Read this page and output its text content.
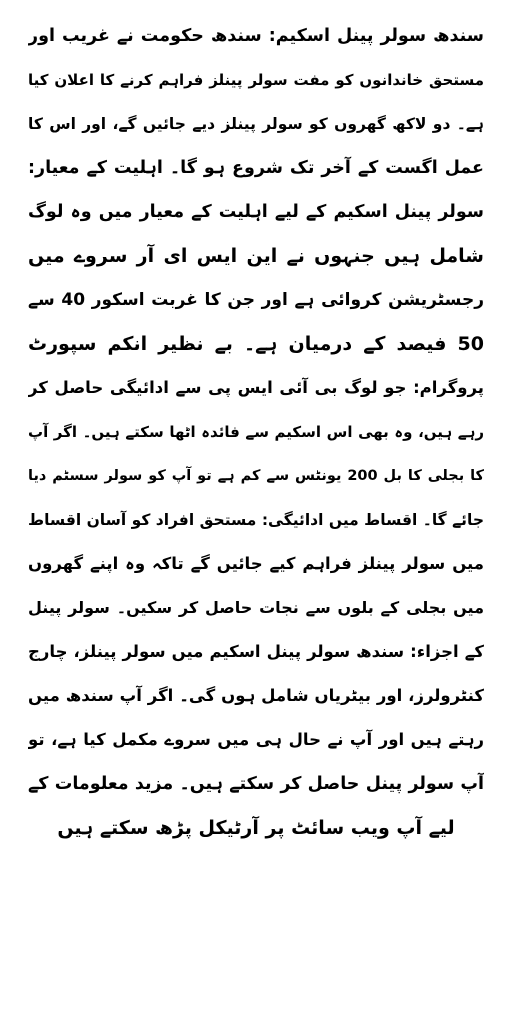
سندھ سولر پینل اسکیم: سندھ حکومت نے غریب اور
مستحق خاندانوں کو مفت سولر پینلز فراہم کرنے کا اعلان کیا
ہے۔ دو لاکھ گھروں کو سولر پینلز دیے جائیں گے، اور اس کا
عمل اگست کے آخر تک شروع ہو گا۔ اہلیت کے معیار:
سولر پینل اسکیم کے لیے اہلیت کے معیار میں وہ لوگ
شامل ہیں جنہوں نے این ایس ای آر سروے میں
رجسٹریشن کروائی ہے اور جن کا غربت اسکور 40 سے
50 فیصد کے درمیان ہے۔ بے نظیر انکم سپورٹ
پروگرام: جو لوگ بی آئی ایس پی سے ادائیگی حاصل کر
رہے ہیں، وہ بھی اس اسکیم سے فائدہ اٹھا سکتے ہیں۔ اگر آپ
کا بجلی کا بل 200 یونٹس سے کم ہے تو آپ کو سولر سسٹم دیا
جائے گا۔ اقساط میں ادائیگی: مستحق افراد کو آسان اقساط
میں سولر پینلز فراہم کیے جائیں گے تاکہ وہ اپنے گھروں
میں بجلی کے بلوں سے نجات حاصل کر سکیں۔ سولر پینل
کے اجزاء: سندھ سولر پینل اسکیم میں سولر پینلز، چارج
کنٹرولرز، اور بیٹریاں شامل ہوں گی۔ اگر آپ سندھ میں
رہتے ہیں اور آپ نے حال ہی میں سروے مکمل کیا ہے، تو
آپ سولر پینل حاصل کر سکتے ہیں۔ مزید معلومات کے
لیے آپ ویب سائٹ پر آرٹیکل پڑھ سکتے ہیں
